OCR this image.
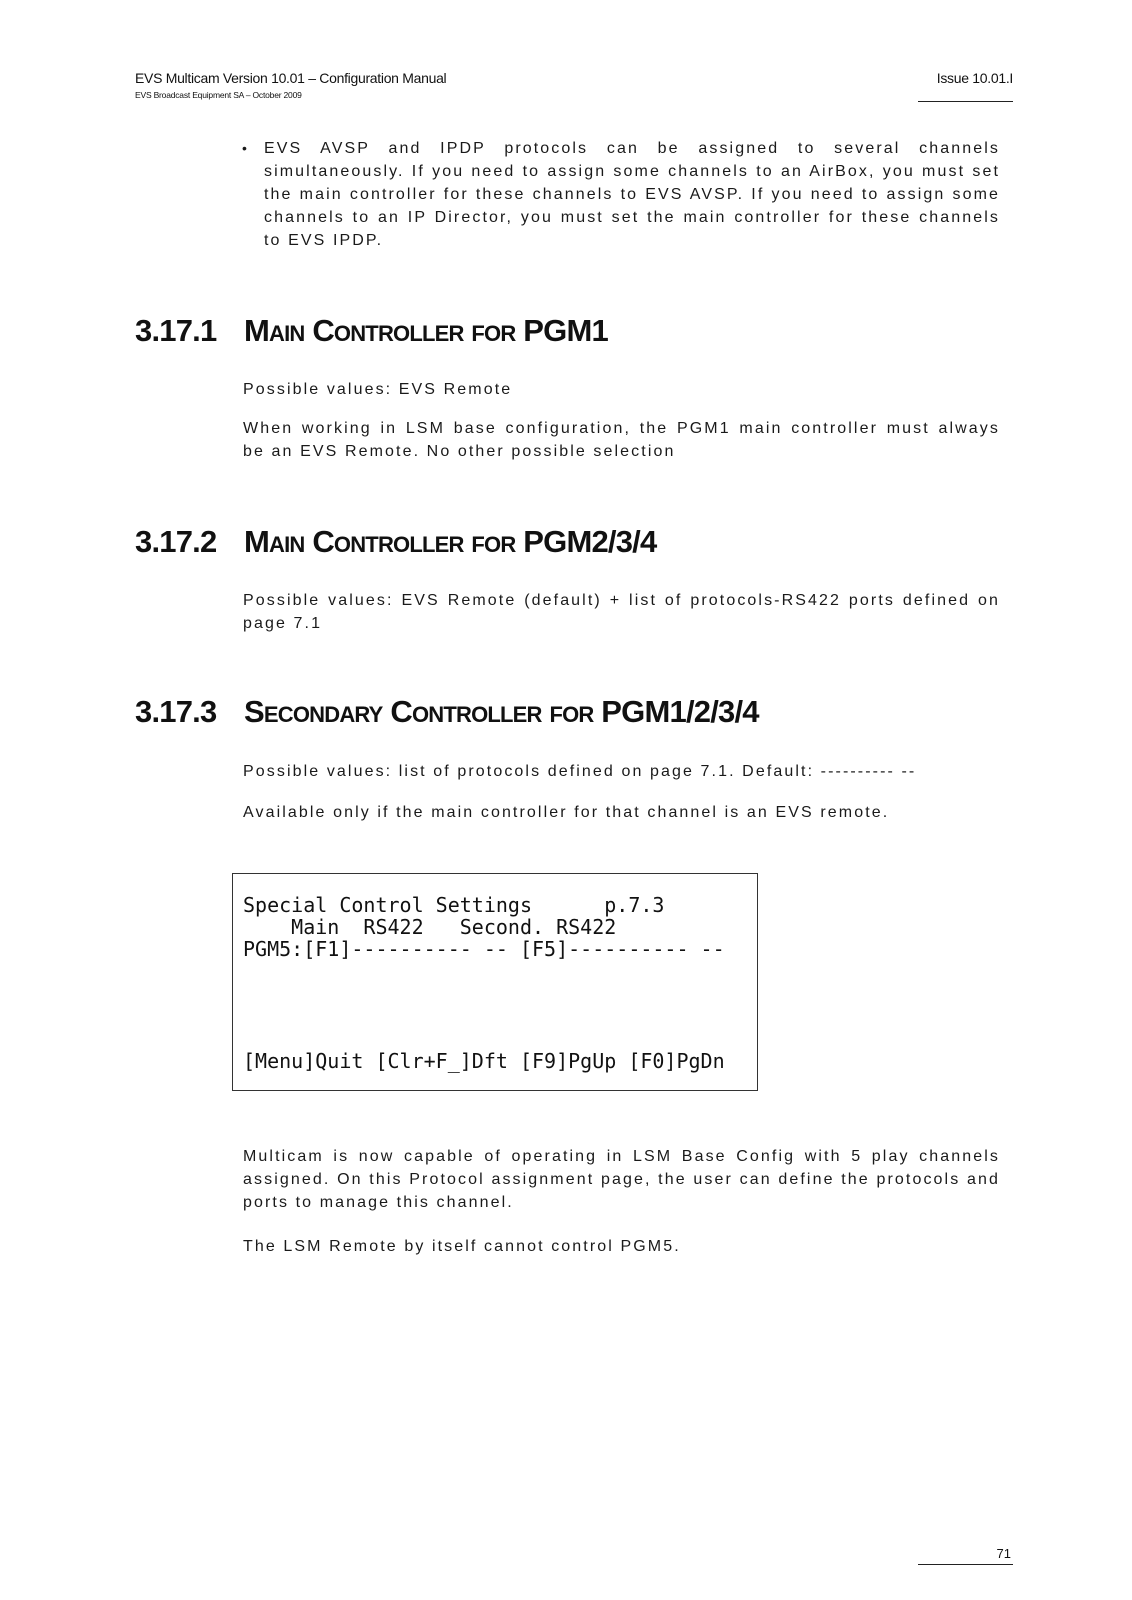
EVS Multicam Version 10.01 – Configuration Manual
EVS Broadcast Equipment SA – October 2009
Issue 10.01.I
• EVS AVSP and IPDP protocols can be assigned to several channels simultaneously. If you need to assign some channels to an AirBox, you must set the main controller for these channels to EVS AVSP. If you need to assign some channels to an IP Director, you must set the main controller for these channels to EVS IPDP.

3.17.1 Main Controller for PGM1

Possible values: EVS Remote

When working in LSM base configuration, the PGM1 main controller must always be an EVS Remote. No other possible selection

3.17.2 Main Controller for PGM2/3/4

Possible values: EVS Remote (default) + list of protocols-RS422 ports defined on page 7.1

3.17.3 Secondary Controller for PGM1/2/3/4

Possible values: list of protocols defined on page 7.1. Default: ---------- --

Available only if the main controller for that channel is an EVS remote.

Special Control Settings      p.7.3
Main  RS422   Second. RS422
PGM5:[F1]---------- -- [F5]---------- --
[Menu]Quit [Clr+F_]Dft [F9]PgUp [F0]PgDn

Multicam is now capable of operating in LSM Base Config with 5 play channels assigned. On this Protocol assignment page, the user can define the protocols and ports to manage this channel.

The LSM Remote by itself cannot control PGM5.

71
